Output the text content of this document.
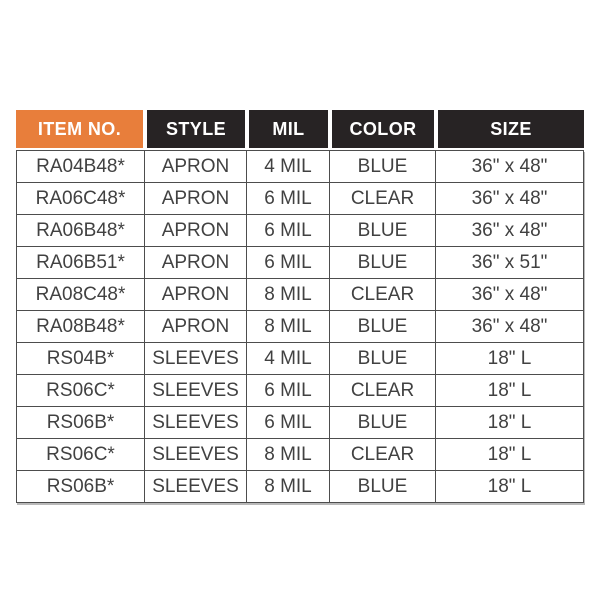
ITEM NO.	STYLE	MIL	COLOR	SIZE
RA04B48*	APRON	4 MIL	BLUE	36" x 48"
RA06C48*	APRON	6 MIL	CLEAR	36" x 48"
RA06B48*	APRON	6 MIL	BLUE	36" x 48"
RA06B51*	APRON	6 MIL	BLUE	36" x 51"
RA08C48*	APRON	8 MIL	CLEAR	36" x 48"
RA08B48*	APRON	8 MIL	BLUE	36" x 48"
RS04B*	SLEEVES	4 MIL	BLUE	18" L
RS06C*	SLEEVES	6 MIL	CLEAR	18" L
RS06B*	SLEEVES	6 MIL	BLUE	18" L
RS06C*	SLEEVES	8 MIL	CLEAR	18" L
RS06B*	SLEEVES	8 MIL	BLUE	18" L
